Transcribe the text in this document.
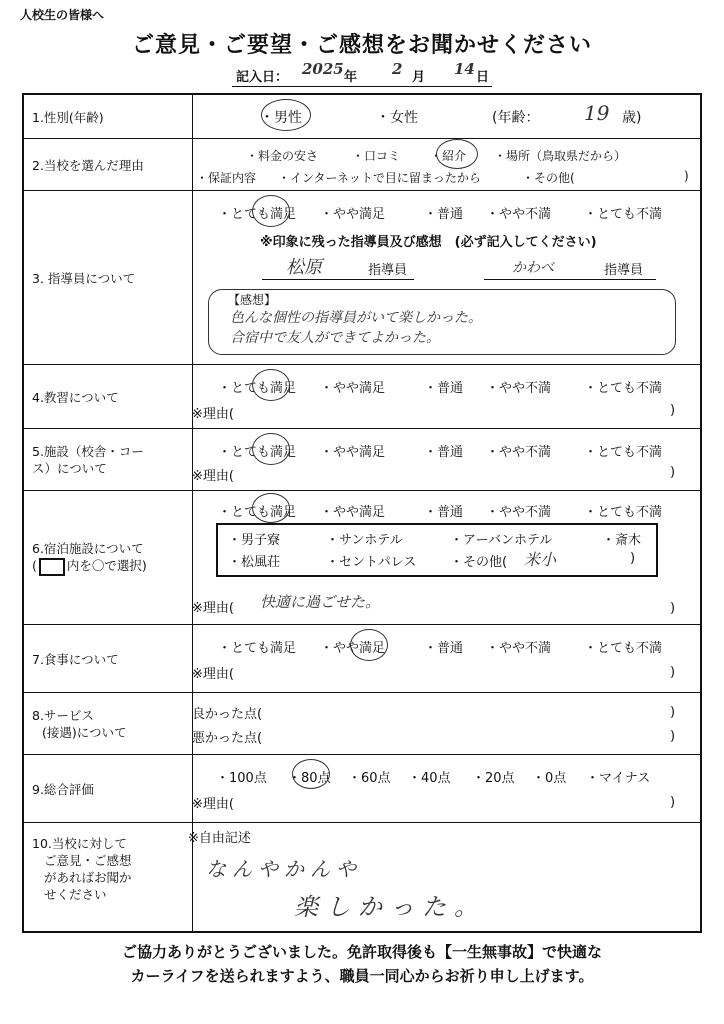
人校生の皆様へ
ご意見・ご要望・ご感想をお聞かせください
記入日： 2025 年 2 月 14 日
1.性別(年齢)	・男性	・女性	(年齢： 19 歳)
2.当校を選んだ理由
・料金の安さ	・口コミ ・紹介 ・場所（鳥取県だから）
・保証内容 ・インターネットで目に留まったから	・その他(	)
3. 指導員について
・とても満足 ・やや満足	・普通 ・やや不満	・とても不満
※印象に残った指導員及び感想　(必ず記入してください)
松原	指導員	かわべ	指導員
【感想】
色んな個性の指導員がいて楽しかった。
合宿中で友人ができてよかった。
4.教習について
・とても満足 ・やや満足	・普通 ・やや不満	・とても不満
※理由(	)
5.施設（校舎・コー
ス）について
・とても満足 ・やや満足	・普通 ・やや不満	・とても不満
※理由(	)
6.宿泊施設について
( 内を〇で選択)
・とても満足 ・やや満足	・普通 ・やや不満	・とても不満
・男子寮	・サンホテル	・アーバンホテル	・斎木
・松風荘	・セントパレス	・その他( 米小	)
※理由( 快適に過ごせた。	)
7.食事について
・とても満足 ・やや満足	・普通 ・やや不満	・とても不満
※理由(	)
8.サービス
(接遇)について
良かった点(	)
悪かった点(	)
9.総合評価
・100点 ・80点 ・60点 ・40点 ・20点 ・0点 ・マイナス
※理由(	)
10.当校に対して
ご意見・ご感想
があればお聞か
せください
※自由記述
なんやかんや
楽しかった。
ご協力ありがとうございました。免許取得後も【一生無事故】で快適な
カーライフを送られますよう、職員一同心からお祈り申し上げます。
